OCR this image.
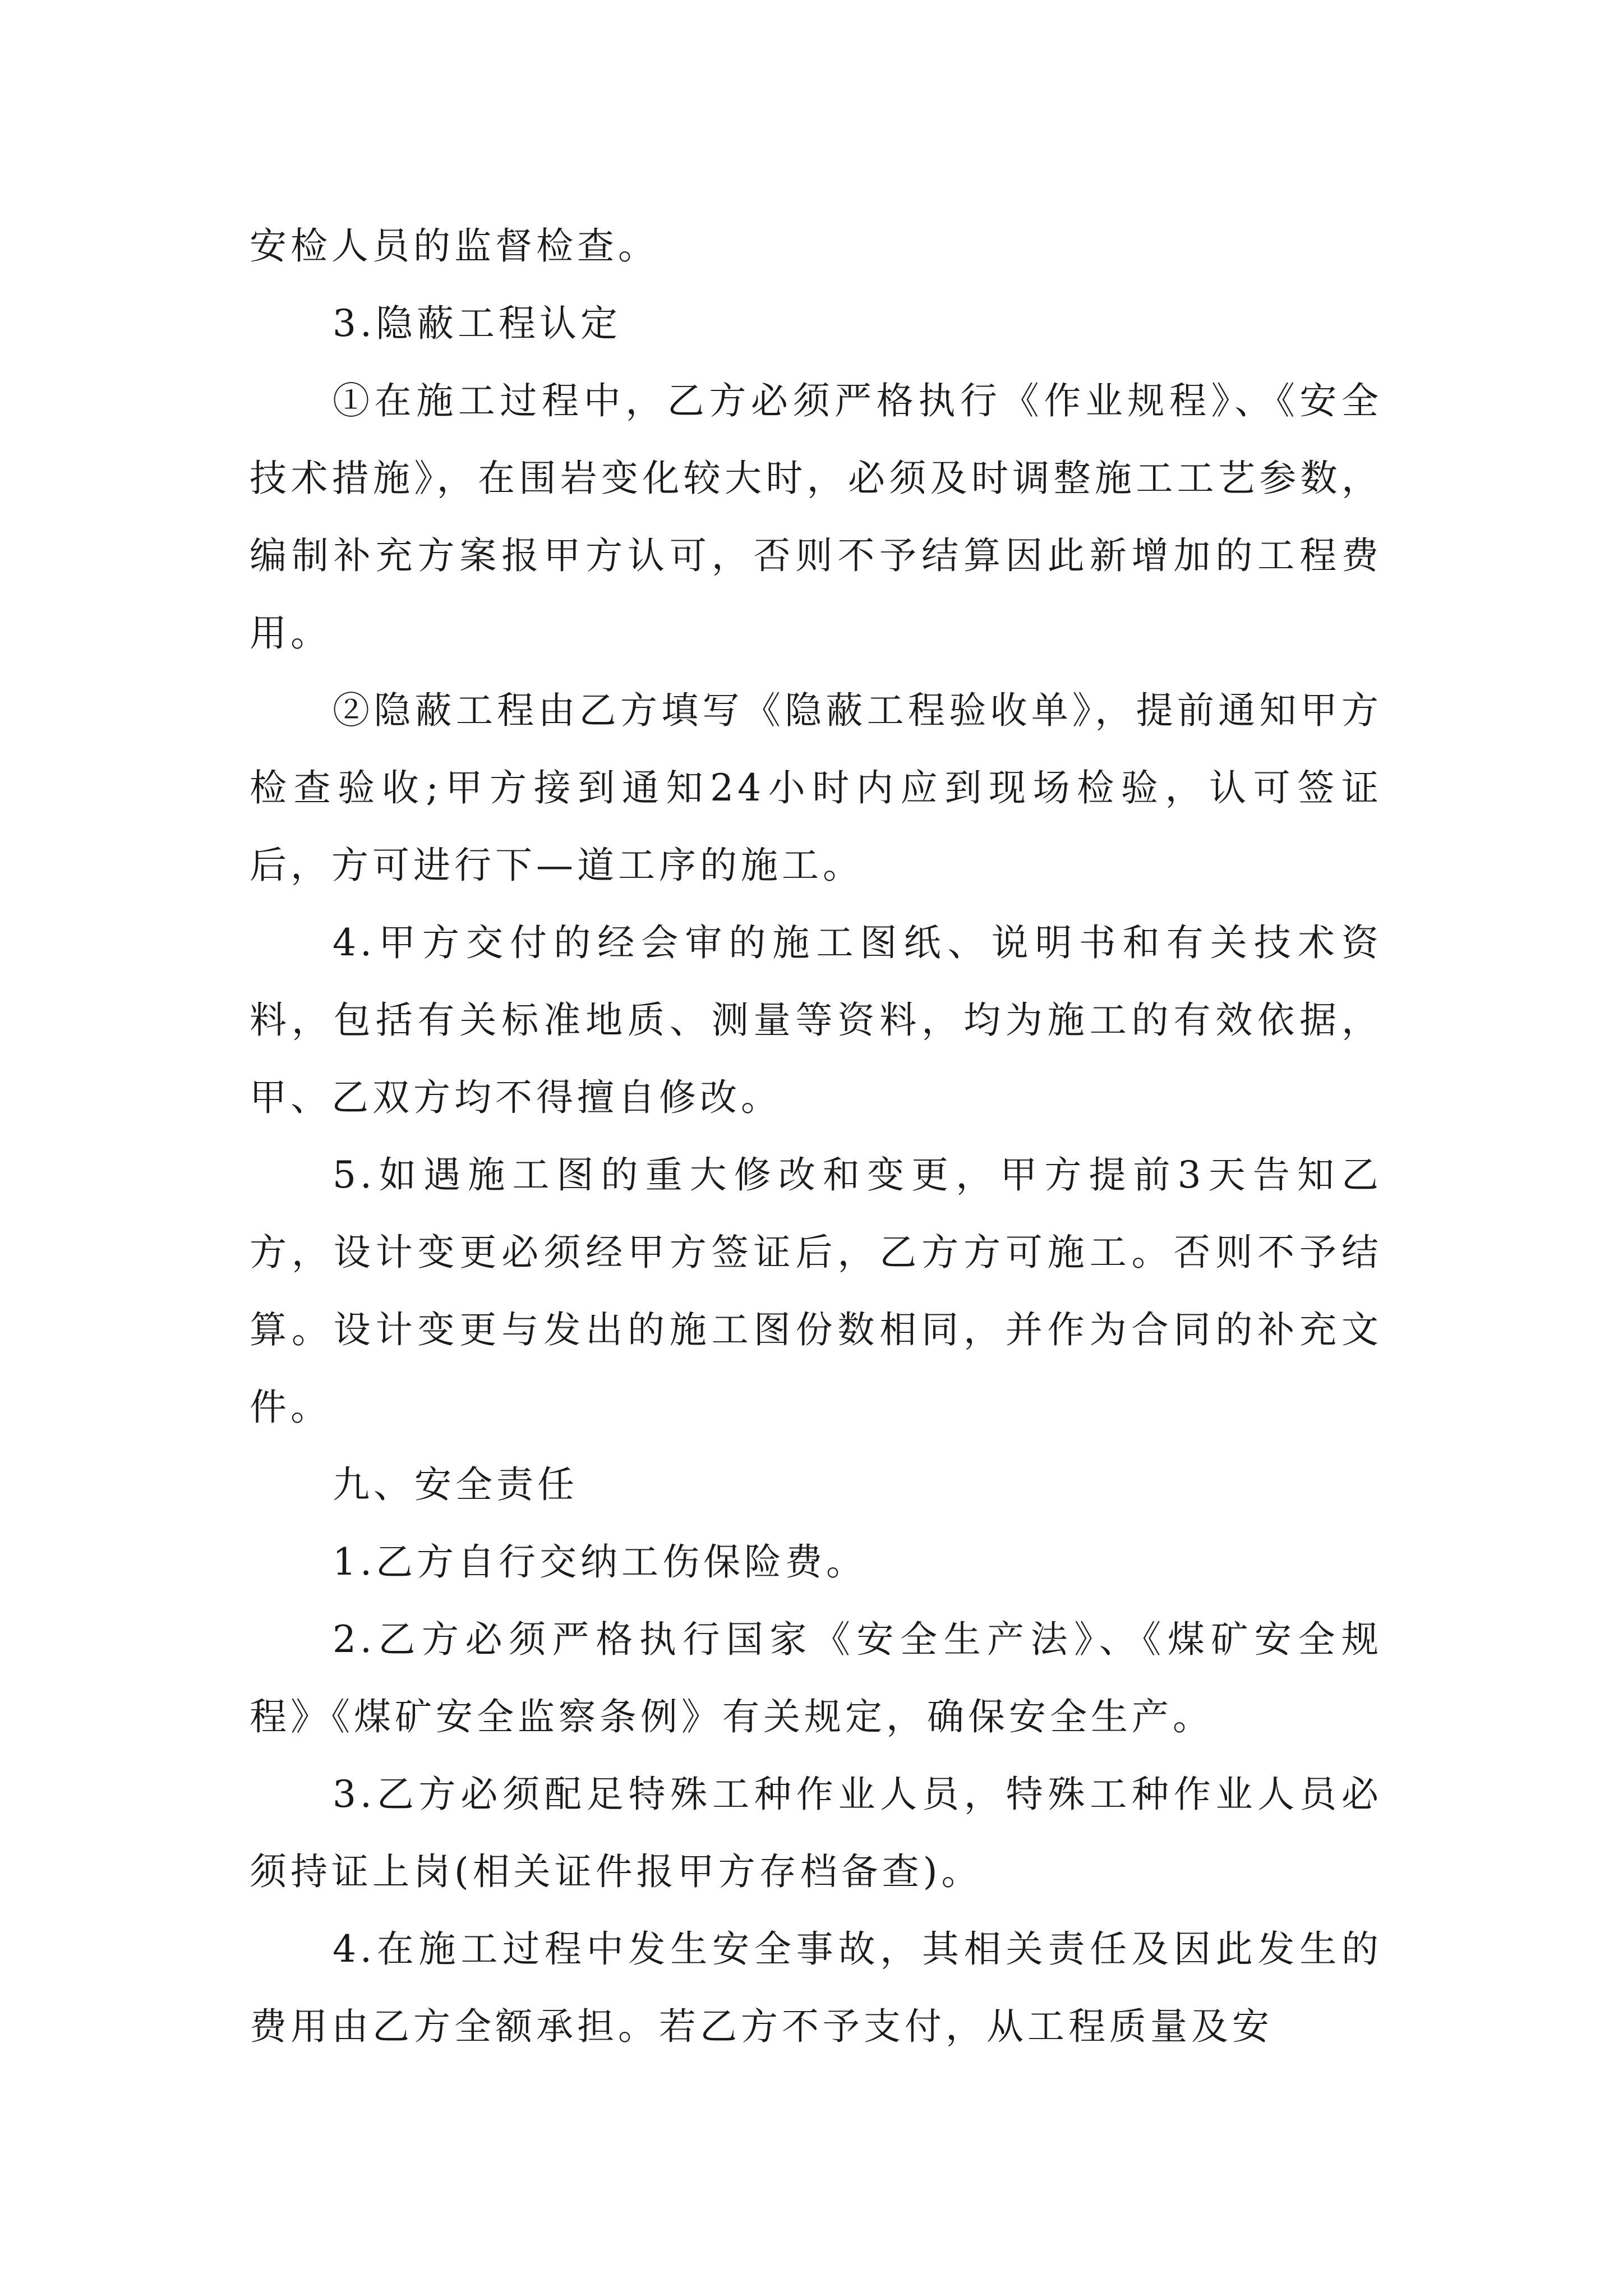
安检人员的监督检查。

3.隐蔽工程认定

①在施工过程中，乙方必须严格执行《作业规程》、《安全技术措施》，在围岩变化较大时，必须及时调整施工工艺参数，编制补充方案报甲方认可，否则不予结算因此新增加的工程费用。

②隐蔽工程由乙方填写《隐蔽工程验收单》，提前通知甲方检查验收;甲方接到通知24小时内应到现场检验，认可签证后，方可进行下—道工序的施工。

4.甲方交付的经会审的施工图纸、说明书和有关技术资料，包括有关标准地质、测量等资料，均为施工的有效依据，甲、乙双方均不得擅自修改。

5.如遇施工图的重大修改和变更，甲方提前3天告知乙方，设计变更必须经甲方签证后，乙方方可施工。否则不予结算。设计变更与发出的施工图份数相同，并作为合同的补充文件。

九、安全责任

1.乙方自行交纳工伤保险费。

2.乙方必须严格执行国家《安全生产法》、《煤矿安全规程》《煤矿安全监察条例》有关规定，确保安全生产。

3.乙方必须配足特殊工种作业人员，特殊工种作业人员必须持证上岗(相关证件报甲方存档备查)。

4.在施工过程中发生安全事故，其相关责任及因此发生的费用由乙方全额承担。若乙方不予支付，从工程质量及安
